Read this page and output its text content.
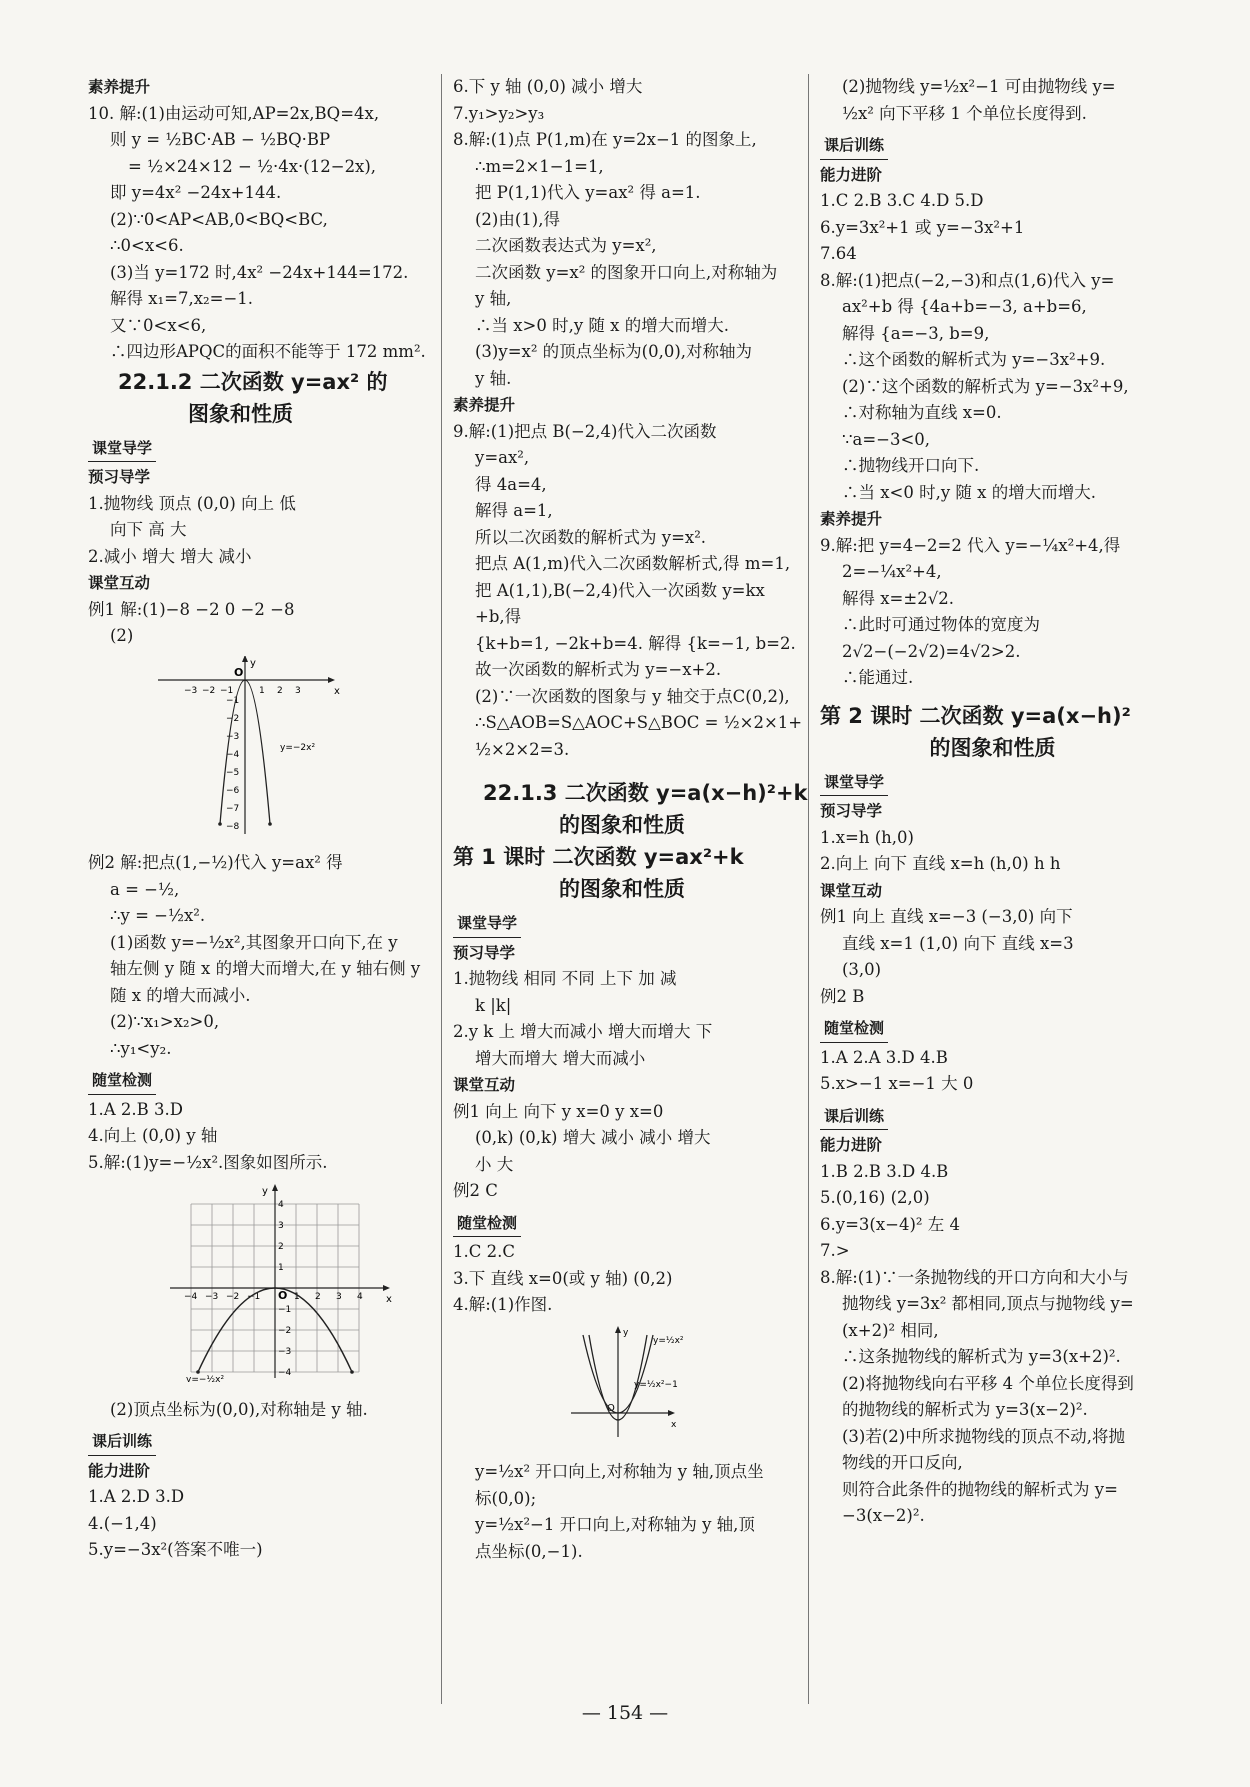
素养提升
10. 解:(1)由运动可知,AP=2x,BQ=4x,
则 y = ½BC·AB − ½BQ·BP
= ½×24×12 − ½·4x·(12−2x),
即 y=4x² −24x+144.
(2)∵0<AP<AB,0<BQ<BC,
∴0<x<6.
(3)当 y=172 时,4x² −24x+144=172.
解得 x₁=7,x₂=−1.
又∵0<x<6,
∴四边形APQC的面积不能等于 172 mm².
22.1.2 二次函数 y=ax² 的
图象和性质
课堂导学
预习导学
1.抛物线 顶点 (0,0) 向上 低
向下 高 大
2.减小 增大 增大 减小
课堂互动
例1 解:(1)−8 −2 0 −2 −8
(2)
x
y
O
−3 −2 −1	1 2 3
−1
−2
−3
−4
−5
−6
−7
−8
y=−2x²
例2 解:把点(1,−½)代入 y=ax² 得
a = −½,
∴y = −½x².
(1)函数 y=−½x²,其图象开口向下,在 y
轴左侧 y 随 x 的增大而增大,在 y 轴右侧 y
随 x 的增大而减小.
(2)∵x₁>x₂>0,
∴y₁<y₂.
随堂检测
1.A 2.B 3.D
4.向上 (0,0) y 轴
5.解:(1)y=−½x².图象如图所示.
x
y
O
−4 −3 −2 −1	1 2 3 4
4
3
2
1
−1
−2
−3
−4
y=−½x²
(2)顶点坐标为(0,0),对称轴是 y 轴.
课后训练
能力进阶
1.A 2.D 3.D
4.(−1,4)
5.y=−3x²(答案不唯一)
6.下 y 轴 (0,0) 减小 增大
7.y₁>y₂>y₃
8.解:(1)点 P(1,m)在 y=2x−1 的图象上,
∴m=2×1−1=1,
把 P(1,1)代入 y=ax² 得 a=1.
(2)由(1),得
二次函数表达式为 y=x²,
二次函数 y=x² 的图象开口向上,对称轴为
y 轴,
∴当 x>0 时,y 随 x 的增大而增大.
(3)y=x² 的顶点坐标为(0,0),对称轴为
y 轴.
素养提升
9.解:(1)把点 B(−2,4)代入二次函数
y=ax²,
得 4a=4,
解得 a=1,
所以二次函数的解析式为 y=x².
把点 A(1,m)代入二次函数解析式,得 m=1,
把 A(1,1),B(−2,4)代入一次函数 y=kx
+b,得
{k+b=1, −2k+b=4. 解得 {k=−1, b=2.
故一次函数的解析式为 y=−x+2.
(2)∵一次函数的图象与 y 轴交于点C(0,2),
∴S△AOB=S△AOC+S△BOC = ½×2×1+
½×2×2=3.
22.1.3 二次函数 y=a(x−h)²+k
的图象和性质
第 1 课时 二次函数 y=ax²+k
的图象和性质
课堂导学
预习导学
1.抛物线 相同 不同 上下 加 减
k |k|
2.y k 上 增大而减小 增大而增大 下
增大而增大 增大而减小
课堂互动
例1 向上 向下 y x=0 y x=0
(0,k) (0,k) 增大 减小 减小 增大
小 大
例2 C
随堂检测
1.C 2.C
3.下 直线 x=0(或 y 轴) (0,2)
4.解:(1)作图.
x
y
O
y=½x²
y=½x²−1
y=½x² 开口向上,对称轴为 y 轴,顶点坐
标(0,0);
y=½x²−1 开口向上,对称轴为 y 轴,顶
点坐标(0,−1).
(2)抛物线 y=½x²−1 可由抛物线 y=
½x² 向下平移 1 个单位长度得到.
课后训练
能力进阶
1.C 2.B 3.C 4.D 5.D
6.y=3x²+1 或 y=−3x²+1
7.64
8.解:(1)把点(−2,−3)和点(1,6)代入 y=
ax²+b 得 {4a+b=−3, a+b=6,
解得 {a=−3, b=9,
∴这个函数的解析式为 y=−3x²+9.
(2)∵这个函数的解析式为 y=−3x²+9,
∴对称轴为直线 x=0.
∵a=−3<0,
∴抛物线开口向下.
∴当 x<0 时,y 随 x 的增大而增大.
素养提升
9.解:把 y=4−2=2 代入 y=−¼x²+4,得
2=−¼x²+4,
解得 x=±2√2.
∴此时可通过物体的宽度为
2√2−(−2√2)=4√2>2.
∴能通过.
第 2 课时 二次函数 y=a(x−h)²
的图象和性质
课堂导学
预习导学
1.x=h (h,0)
2.向上 向下 直线 x=h (h,0) h h
课堂互动
例1 向上 直线 x=−3 (−3,0) 向下
直线 x=1 (1,0) 向下 直线 x=3
(3,0)
例2 B
随堂检测
1.A 2.A 3.D 4.B
5.x>−1 x=−1 大 0
课后训练
能力进阶
1.B 2.B 3.D 4.B
5.(0,16) (2,0)
6.y=3(x−4)² 左 4
7.>
8.解:(1)∵一条抛物线的开口方向和大小与
抛物线 y=3x² 都相同,顶点与抛物线 y=
(x+2)² 相同,
∴这条抛物线的解析式为 y=3(x+2)².
(2)将抛物线向右平移 4 个单位长度得到
的抛物线的解析式为 y=3(x−2)².
(3)若(2)中所求抛物线的顶点不动,将抛
物线的开口反向,
则符合此条件的抛物线的解析式为 y=
−3(x−2)².
— 154 —
